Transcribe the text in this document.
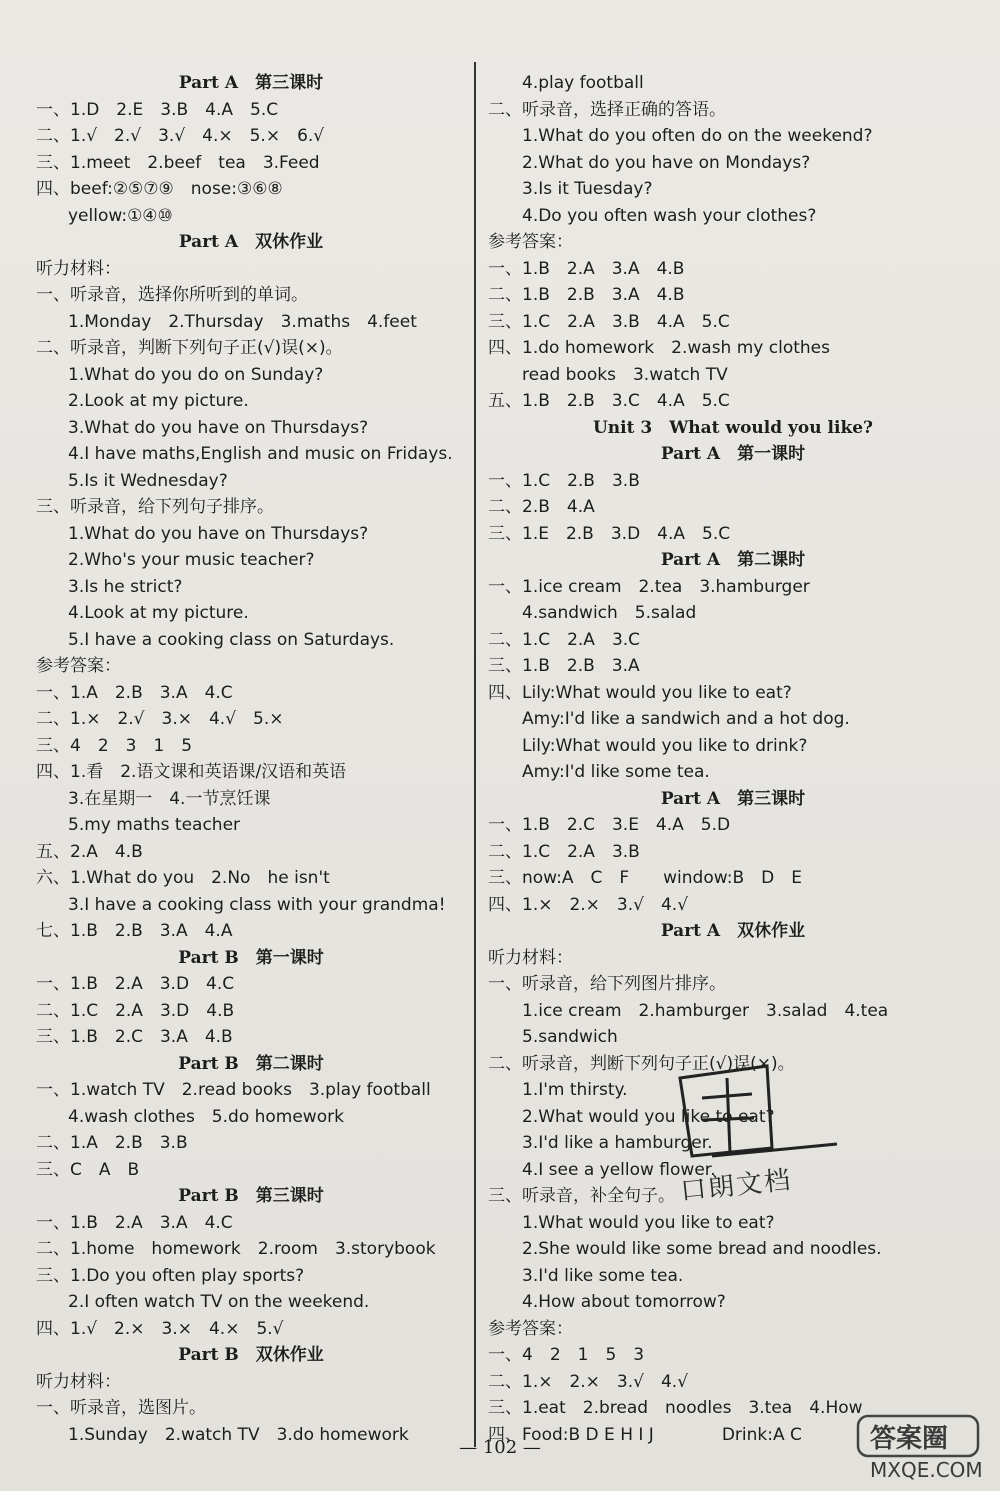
Part A　第三课时
一、1.D　2.E　3.B　4.A　5.C
二、1.√　2.√　3.√　4.×　5.×　6.√
三、1.meet　2.beef　tea　3.Feed
四、beef:②⑤⑦⑨　nose:③⑥⑧
yellow:①④⑩
Part A　双休作业
听力材料：
一、听录音，选择你所听到的单词。
1.Monday　2.Thursday　3.maths　4.feet
二、听录音，判断下列句子正(√)误(×)。
1.What do you do on Sunday?
2.Look at my picture.
3.What do you have on Thursdays?
4.I have maths,English and music on Fridays.
5.Is it Wednesday?
三、听录音，给下列句子排序。
1.What do you have on Thursdays?
2.Who's your music teacher?
3.Is he strict?
4.Look at my picture.
5.I have a cooking class on Saturdays.
参考答案：
一、1.A　2.B　3.A　4.C
二、1.×　2.√　3.×　4.√　5.×
三、4　2　3　1　5
四、1.看　2.语文课和英语课/汉语和英语
3.在星期一　4.一节烹饪课
5.my maths teacher
五、2.A　4.B
六、1.What do you　2.No　he isn't
3.I have a cooking class with your grandma!
七、1.B　2.B　3.A　4.A
Part B　第一课时
一、1.B　2.A　3.D　4.C
二、1.C　2.A　3.D　4.B
三、1.B　2.C　3.A　4.B
Part B　第二课时
一、1.watch TV　2.read books　3.play football
4.wash clothes　5.do homework
二、1.A　2.B　3.B
三、C　A　B
Part B　第三课时
一、1.B　2.A　3.A　4.C
二、1.home　homework　2.room　3.storybook
三、1.Do you often play sports?
2.I often watch TV on the weekend.
四、1.√　2.×　3.×　4.×　5.√
Part B　双休作业
听力材料：
一、听录音，选图片。
1.Sunday　2.watch TV　3.do homework
4.play football
二、听录音，选择正确的答语。
1.What do you often do on the weekend?
2.What do you have on Mondays?
3.Is it Tuesday?
4.Do you often wash your clothes?
参考答案：
一、1.B　2.A　3.A　4.B
二、1.B　2.B　3.A　4.B
三、1.C　2.A　3.B　4.A　5.C
四、1.do homework　2.wash my clothes
read books　3.watch TV
五、1.B　2.B　3.C　4.A　5.C
Unit 3　What would you like?
Part A　第一课时
一、1.C　2.B　3.B
二、2.B　4.A
三、1.E　2.B　3.D　4.A　5.C
Part A　第二课时
一、1.ice cream　2.tea　3.hamburger
4.sandwich　5.salad
二、1.C　2.A　3.C
三、1.B　2.B　3.A
四、Lily:What would you like to eat?
Amy:I'd like a sandwich and a hot dog.
Lily:What would you like to drink?
Amy:I'd like some tea.
Part A　第三课时
一、1.B　2.C　3.E　4.A　5.D
二、1.C　2.A　3.B
三、now:A　C　F　　window:B　D　E
四、1.×　2.×　3.√　4.√
Part A　双休作业
听力材料：
一、听录音，给下列图片排序。
1.ice cream　2.hamburger　3.salad　4.tea
5.sandwich
二、听录音，判断下列句子正(√)误(×)。
1.I'm thirsty.
2.What would you like to eat?
3.I'd like a hamburger.
4.I see a yellow flower.
三、听录音，补全句子。
1.What would you like to eat?
2.She would like some bread and noodles.
3.I'd like some tea.
4.How about tomorrow?
参考答案：
一、4　2　1　5　3
二、1.×　2.×　3.√　4.√
三、1.eat　2.bread　noodles　3.tea　4.How
四、Food:B D E H I J　　　　Drink:A C
— 102 —
口朗文档
答案圈
MXQE.COM
